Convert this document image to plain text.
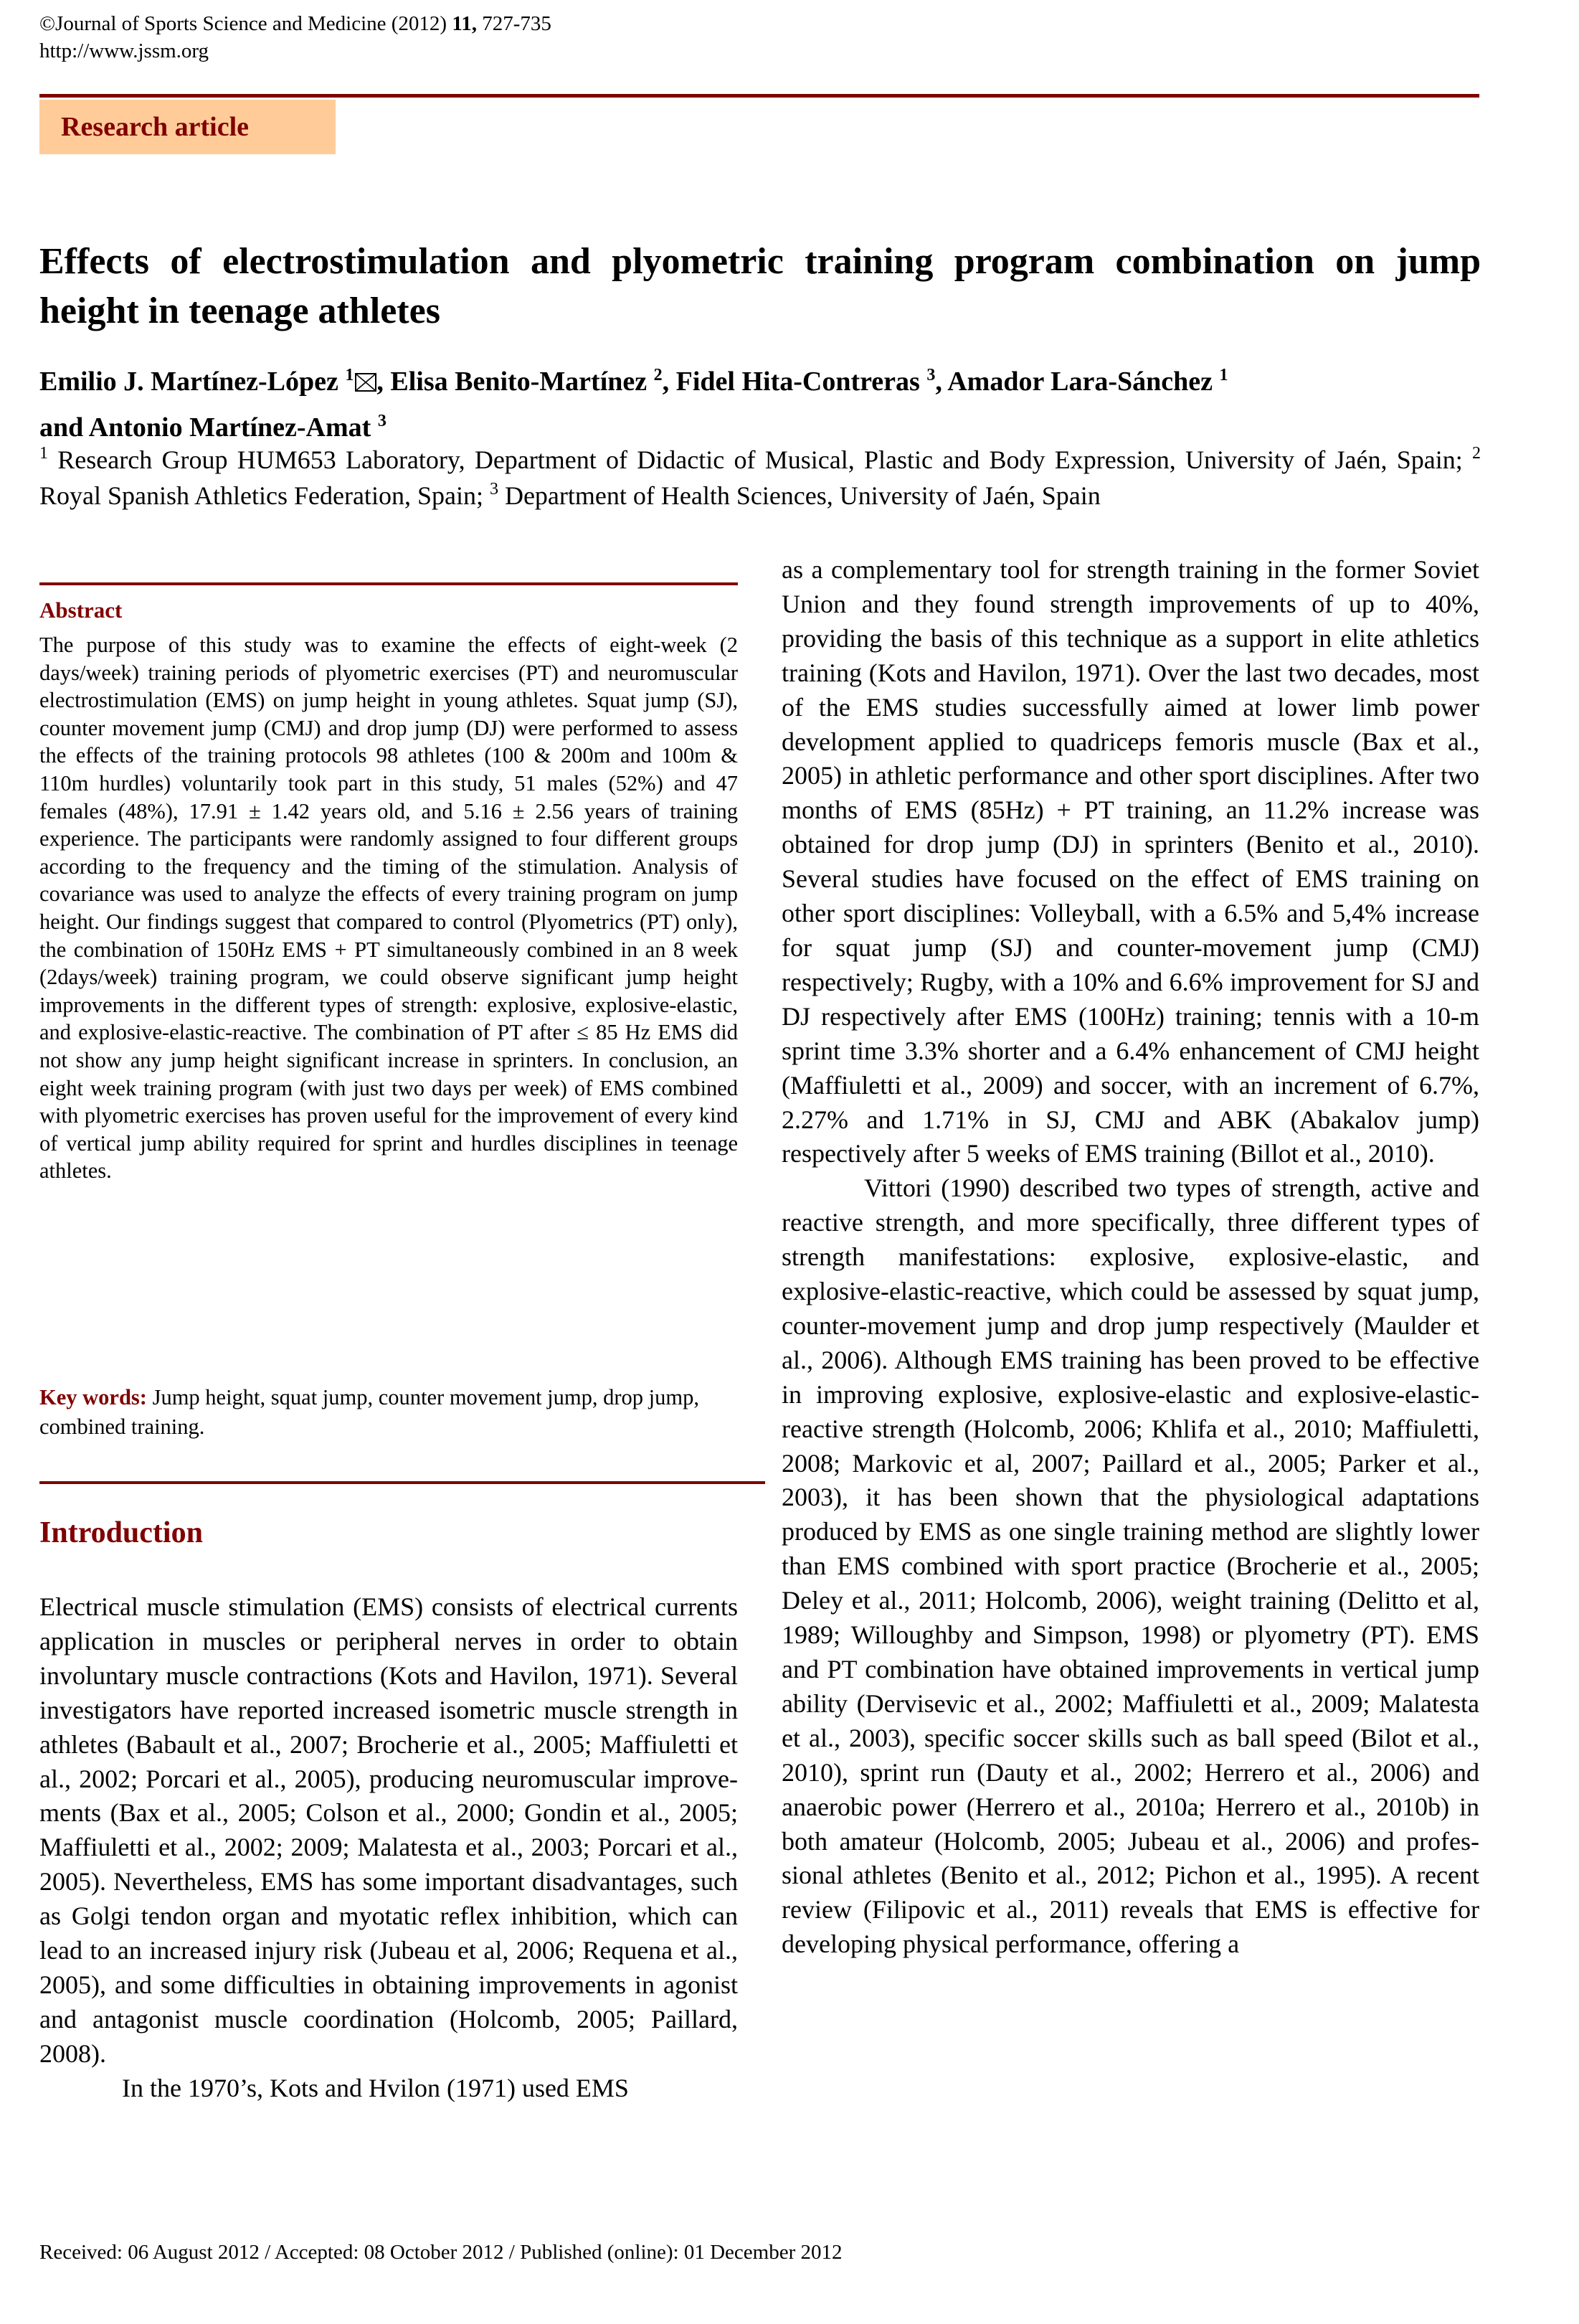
©Journal of Sports Science and Medicine (2012) 11, 727-735
http://www.jssm.org
Research article
Effects of electrostimulation and plyometric training program combination on jump height in teenage athletes
Emilio J. Martínez-López $^1$ , Elisa Benito-Martínez $^2$, Fidel Hita-Contreras $^3$, Amador Lara-Sánchez $^1$
and Antonio Martínez-Amat $^3$
$^1$ Research Group HUM653 Laboratory, Department of Didactic of Musical, Plastic and Body Expression, University of Jaén, Spain; $^2$ Royal Spanish Athletics Federation, Spain; $^3$ Department of Health Sciences, University of Jaén, Spain
Abstract
The purpose of this study was to examine the effects of eight-week (2 days/week) training periods of plyometric exercises (PT) and neuromuscular electrostimulation (EMS) on jump height in young athletes. Squat jump (SJ), counter movement jump (CMJ) and drop jump (DJ) were performed to assess the effects of the training protocols 98 athletes (100 & 200m and 100m & 110m hurdles) voluntarily took part in this study, 51 males (52%) and 47 females (48%), 17.91 ± 1.42 years old, and 5.16 ± 2.56 years of training experience. The participants were randomly assigned to four different groups according to the frequency and the timing of the stimulation. Analysis of covariance was used to analyze the effects of every training program on jump height. Our findings suggest that compared to control (Plyometrics (PT) only), the combination of 150Hz EMS + PT simultaneously combined in an 8 week (2days/week) training program, we could observe significant jump height improvements in the different types of strength: explosive, explosive-elastic, and explosive-elastic-reactive. The combination of PT after ≤ 85 Hz EMS did not show any jump height significant increase in sprinters. In conclusion, an eight week training program (with just two days per week) of EMS combined with plyometric exercises has proven useful for the improvement of every kind of vertical jump ability required for sprint and hurdles disciplines in teenage athletes.
Key words: Jump height, squat jump, counter movement jump, drop jump, combined training.
Introduction

Electrical muscle stimulation (EMS) consists of electrical currents application in muscles or peripheral nerves in order to obtain involuntary muscle contractions (Kots and Havilon, 1971). Several investigators have reported increased isometric muscle strength in athletes (Babault et al., 2007; Brocherie et al., 2005; Maffiuletti et al., 2002; Porcari et al., 2005), producing neuromuscular improvements (Bax et al., 2005; Colson et al., 2000; Gondin et al., 2005; Maffiuletti et al., 2002; 2009; Malatesta et al., 2003; Porcari et al., 2005). Nevertheless, EMS has some important disadvantages, such as Golgi tendon organ and myotatic reflex inhibition, which can lead to an increased injury risk (Jubeau et al, 2006; Requena et al., 2005), and some difficulties in obtaining improvements in agonist and antagonist muscle coordination (Holcomb, 2005; Paillard, 2008).

In the 1970’s, Kots and Hvilon (1971) used EMS

as a complementary tool for strength training in the former Soviet Union and they found strength improvements of up to 40%, providing the basis of this technique as a support in elite athletics training (Kots and Havilon, 1971). Over the last two decades, most of the EMS studies successfully aimed at lower limb power development applied to quadriceps femoris muscle (Bax et al., 2005) in athletic performance and other sport disciplines. After two months of EMS (85Hz) + PT training, an 11.2% increase was obtained for drop jump (DJ) in sprinters (Benito et al., 2010). Several studies have focused on the effect of EMS training on other sport disciplines: Volleyball, with a 6.5% and 5,4% increase for squat jump (SJ) and counter-movement jump (CMJ) respectively; Rugby, with a 10% and 6.6% improvement for SJ and DJ respectively after EMS (100Hz) training; tennis with a 10-m sprint time 3.3% shorter and a 6.4% enhancement of CMJ height (Maffiuletti et al., 2009) and soccer, with an increment of 6.7%, 2.27% and 1.71% in SJ, CMJ and ABK (Abakalov jump) respectively after 5 weeks of EMS training (Billot et al., 2010).

Vittori (1990) described two types of strength, active and reactive strength, and more specifically, three different types of strength manifestations: explosive, explosive-elastic, and explosive-elastic-reactive, which could be assessed by squat jump, counter-movement jump and drop jump respectively (Maulder et al., 2006). Although EMS training has been proved to be effective in improving explosive, explosive-elastic and explosive-elastic-reactive strength (Holcomb, 2006; Khlifa et al., 2010; Maffiuletti, 2008; Markovic et al, 2007; Paillard et al., 2005; Parker et al., 2003), it has been shown that the physiological adaptations produced by EMS as one single training method are slightly lower than EMS combined with sport practice (Brocherie et al., 2005; Deley et al., 2011; Holcomb, 2006), weight training (Delitto et al, 1989; Willoughby and Simpson, 1998) or plyometry (PT). EMS and PT combination have obtained improvements in vertical jump ability (Dervisevic et al., 2002; Maffiuletti et al., 2009; Malatesta et al., 2003), specific soccer skills such as ball speed (Bilot et al., 2010), sprint run (Dauty et al., 2002; Herrero et al., 2006) and anaerobic power (Herrero et al., 2010a; Herrero et al., 2010b) in both amateur (Holcomb, 2005; Jubeau et al., 2006) and professional athletes (Benito et al., 2012; Pichon et al., 1995). A recent review (Filipovic et al., 2011) reveals that EMS is effective for developing physical performance, offering a

Received: 06 August 2012 / Accepted: 08 October 2012 / Published (online): 01 December 2012
